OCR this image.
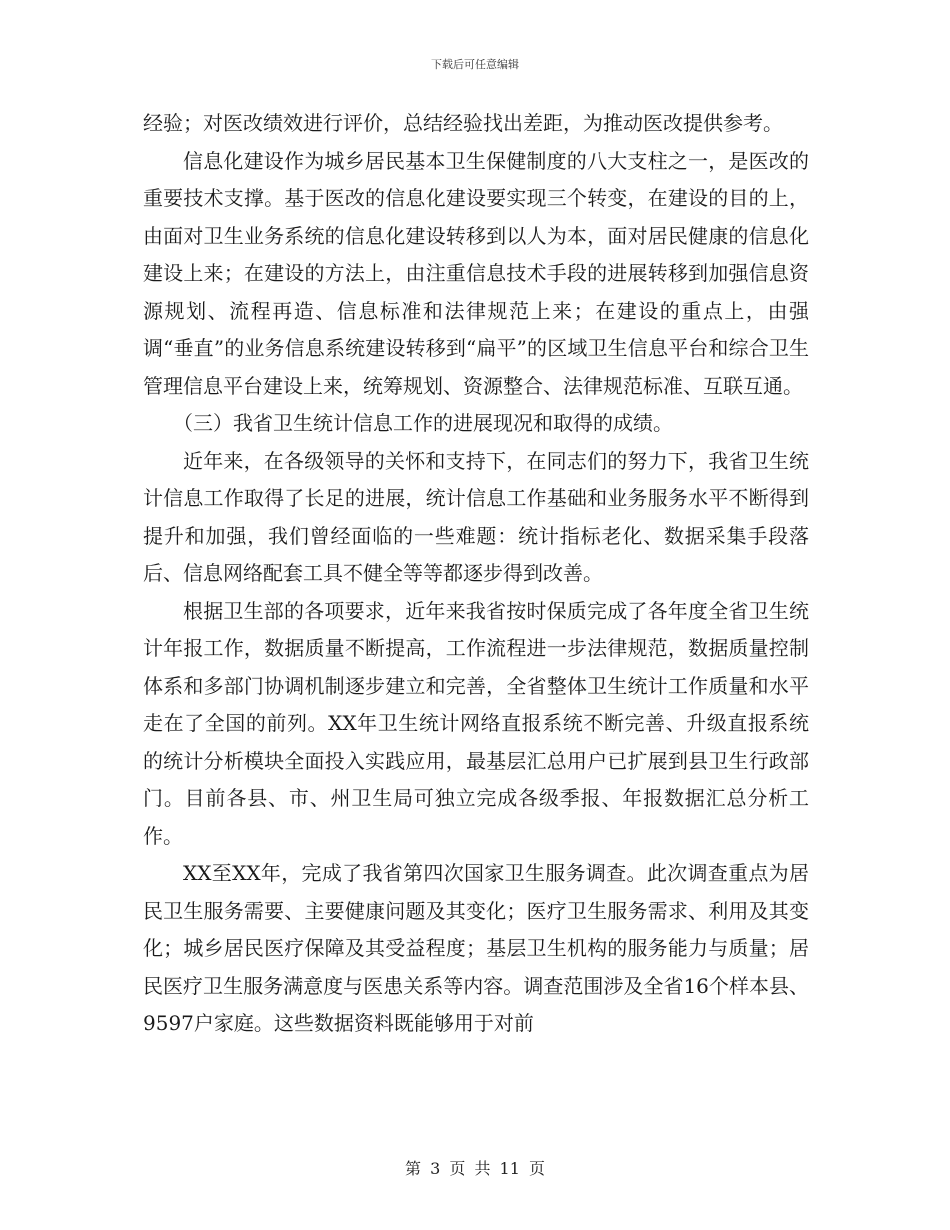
下载后可任意编辑

经验；对医改绩效进行评价，总结经验找出差距，为推动医改提供参考。

信息化建设作为城乡居民基本卫生保健制度的八大支柱之一，是医改的重要技术支撑。基于医改的信息化建设要实现三个转变，在建设的目的上，由面对卫生业务系统的信息化建设转移到以人为本，面对居民健康的信息化建设上来；在建设的方法上，由注重信息技术手段的进展转移到加强信息资源规划、流程再造、信息标准和法律规范上来；在建设的重点上，由强调“垂直”的业务信息系统建设转移到“扁平”的区域卫生信息平台和综合卫生管理信息平台建设上来，统筹规划、资源整合、法律规范标准、互联互通。

（三）我省卫生统计信息工作的进展现况和取得的成绩。

近年来，在各级领导的关怀和支持下，在同志们的努力下，我省卫生统计信息工作取得了长足的进展，统计信息工作基础和业务服务水平不断得到提升和加强，我们曾经面临的一些难题：统计指标老化、数据采集手段落后、信息网络配套工具不健全等等都逐步得到改善。

根据卫生部的各项要求，近年来我省按时保质完成了各年度全省卫生统计年报工作，数据质量不断提高，工作流程进一步法律规范，数据质量控制体系和多部门协调机制逐步建立和完善，全省整体卫生统计工作质量和水平走在了全国的前列。XX年卫生统计网络直报系统不断完善、升级直报系统的统计分析模块全面投入实践应用，最基层汇总用户已扩展到县卫生行政部门。目前各县、市、州卫生局可独立完成各级季报、年报数据汇总分析工作。

XX至XX年，完成了我省第四次国家卫生服务调查。此次调查重点为居民卫生服务需要、主要健康问题及其变化；医疗卫生服务需求、利用及其变化；城乡居民医疗保障及其受益程度；基层卫生机构的服务能力与质量；居民医疗卫生服务满意度与医患关系等内容。调查范围涉及全省16个样本县、9597户家庭。这些数据资料既能够用于对前

第 3 页 共 11 页
